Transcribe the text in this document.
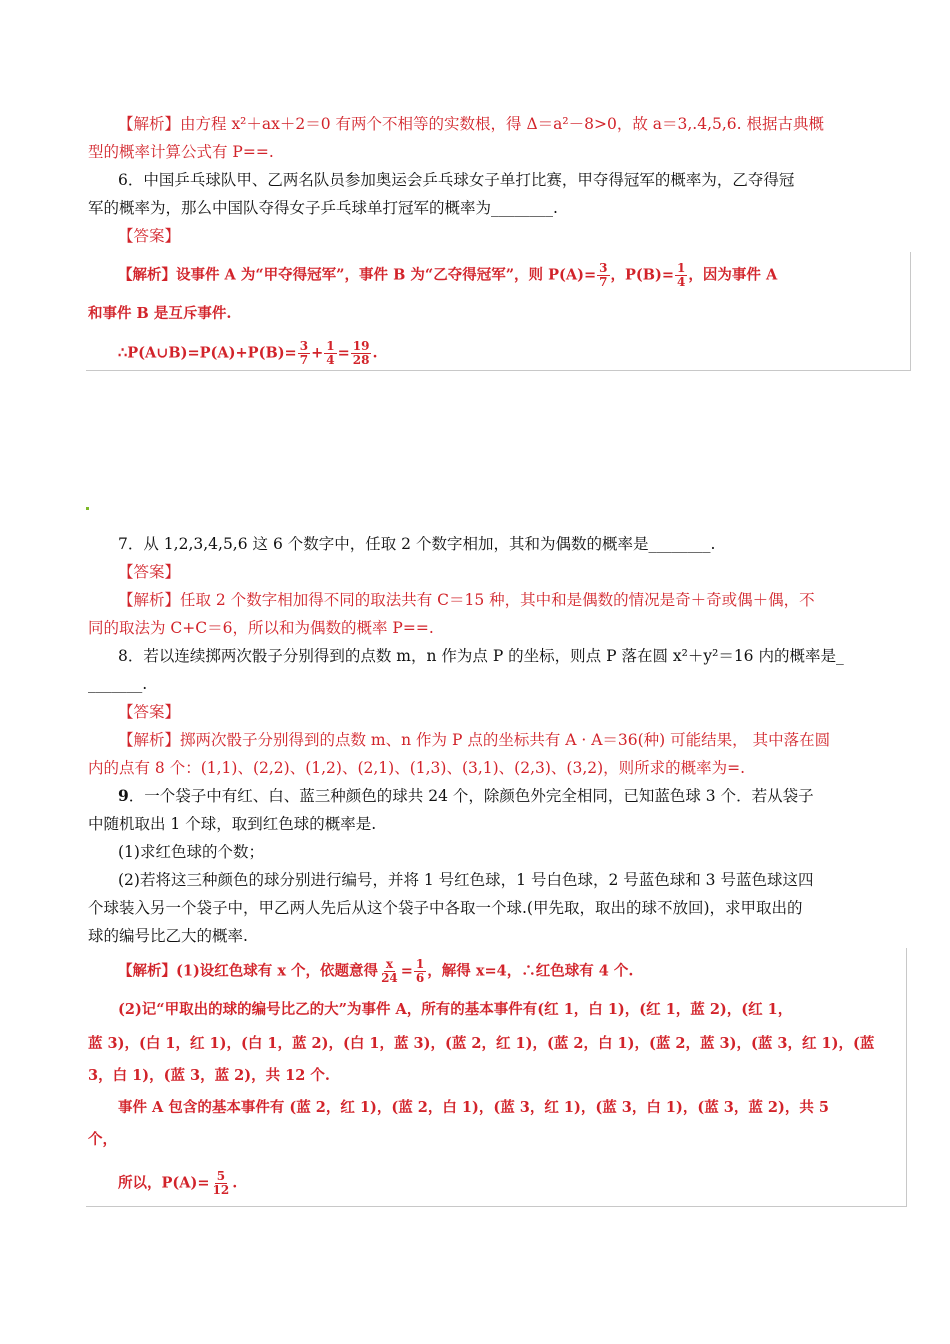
【解析】由方程 x²＋ax＋2＝0 有两个不相等的实数根，得 Δ＝a²－8>0，故 a＝3,.4,5,6. 根据古典概
型的概率计算公式有 P==.
6．中国乒乓球队甲、乙两名队员参加奥运会乒乓球女子单打比赛，甲夺得冠军的概率为，乙夺得冠
军的概率为，那么中国队夺得女子乒乓球单打冠军的概率为________.
【答案】
【解析】设事件 A 为“甲夺得冠军”，事件 B 为“乙夺得冠军”，则 $P(A)= \frac{3}{7}$ ，$P(B)= \frac{1}{4}$ ，因为事件 A
和事件 B 是互斥事件.
∴P(A∪B)=P(A)+P(B)= $\frac{3}{7} + \frac{1}{4} = \frac{19}{28}$ .
7．从 1,2,3,4,5,6 这 6 个数字中，任取 2 个数字相加，其和为偶数的概率是________.
【答案】
【解析】任取 2 个数字相加得不同的取法共有 C＝15 种，其中和是偶数的情况是奇＋奇或偶＋偶，不
同的取法为 C+C＝6，所以和为偶数的概率 P==.
8．若以连续掷两次骰子分别得到的点数 m，n 作为点 P 的坐标，则点 P 落在圆 x²＋y²＝16 内的概率是_
_______.
【答案】
【解析】掷两次骰子分别得到的点数 m、n 作为 P 点的坐标共有 A · A＝36(种) 可能结果， 其中落在圆
内的点有 8 个：(1,1)、(2,2)、(1,2)、(2,1)、(1,3)、(3,1)、(2,3)、(3,2)，则所求的概率为=.
9．一个袋子中有红、白、蓝三种颜色的球共 24 个，除颜色外完全相同，已知蓝色球 3 个．若从袋子
中随机取出 1 个球，取到红色球的概率是.
(1)求红色球的个数；
(2)若将这三种颜色的球分别进行编号，并将 1 号红色球，1 号白色球，2 号蓝色球和 3 号蓝色球这四
个球装入另一个袋子中，甲乙两人先后从这个袋子中各取一个球.(甲先取，取出的球不放回)，求甲取出的
球的编号比乙大的概率.
【解析】(1)设红色球有 x 个，依题意得 $\frac{x}{24} = \frac{1}{6}$ ，解得 x=4，∴红色球有 4 个.
(2)记“甲取出的球的编号比乙的大”为事件 A，所有的基本事件有(红 1，白 1)，(红 1，蓝 2)，(红 1，
蓝 3)，(白 1，红 1)，(白 1，蓝 2)，(白 1，蓝 3)，(蓝 2，红 1)，(蓝 2，白 1)，(蓝 2，蓝 3)，(蓝 3，红 1)，(蓝
3，白 1)，(蓝 3，蓝 2)，共 12 个.
事件 A 包含的基本事件有 (蓝 2，红 1)，(蓝 2，白 1)，(蓝 3，红 1)，(蓝 3，白 1)，(蓝 3，蓝 2)，共 5
个，
所以，$P(A)= \frac{5}{12}$ .
